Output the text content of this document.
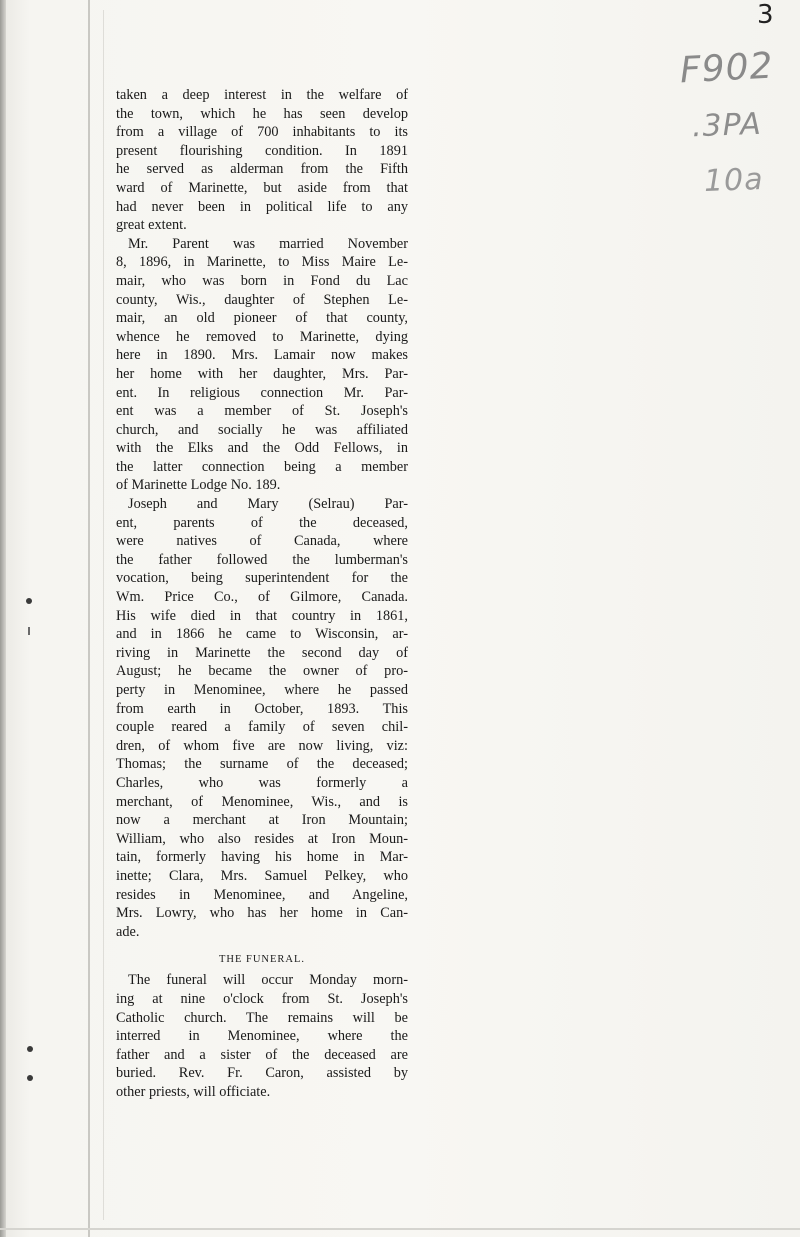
3
F902
.3PA
10a

taken a deep interest in the welfare of
the town, which he has seen develop
from a village of 700 inhabitants to its
present flourishing condition. In 1891
he served as alderman from the Fifth
ward of Marinette, but aside from that
had never been in political life to any
great extent.

Mr. Parent was married November
8, 1896, in Marinette, to Miss Maire Le-
mair, who was born in Fond du Lac
county, Wis., daughter of Stephen Le-
mair, an old pioneer of that county,
whence he removed to Marinette, dying
here in 1890. Mrs. Lamair now makes
her home with her daughter, Mrs. Par-
ent. In religious connection Mr. Par-
ent was a member of St. Joseph's
church, and socially he was affiliated
with the Elks and the Odd Fellows, in
the latter connection being a member
of Marinette Lodge No. 189.

Joseph and Mary (Selrau) Par-
ent, parents of the deceased,
were natives of Canada, where
the father followed the lumberman's
vocation, being superintendent for the
Wm. Price Co., of Gilmore, Canada.
His wife died in that country in 1861,
and in 1866 he came to Wisconsin, ar-
riving in Marinette the second day of
August; he became the owner of pro-
perty in Menominee, where he passed
from earth in October, 1893. This
couple reared a family of seven chil-
dren, of whom five are now living, viz:
Thomas; the surname of the deceased;
Charles, who was formerly a
merchant, of Menominee, Wis., and is
now a merchant at Iron Mountain;
William, who also resides at Iron Moun-
tain, formerly having his home in Mar-
inette; Clara, Mrs. Samuel Pelkey, who
resides in Menominee, and Angeline,
Mrs. Lowry, who has her home in Can-
ade.

THE FUNERAL.

The funeral will occur Monday morn-
ing at nine o'clock from St. Joseph's
Catholic church. The remains will be
interred in Menominee, where the
father and a sister of the deceased are
buried. Rev. Fr. Caron, assisted by
other priests, will officiate.
